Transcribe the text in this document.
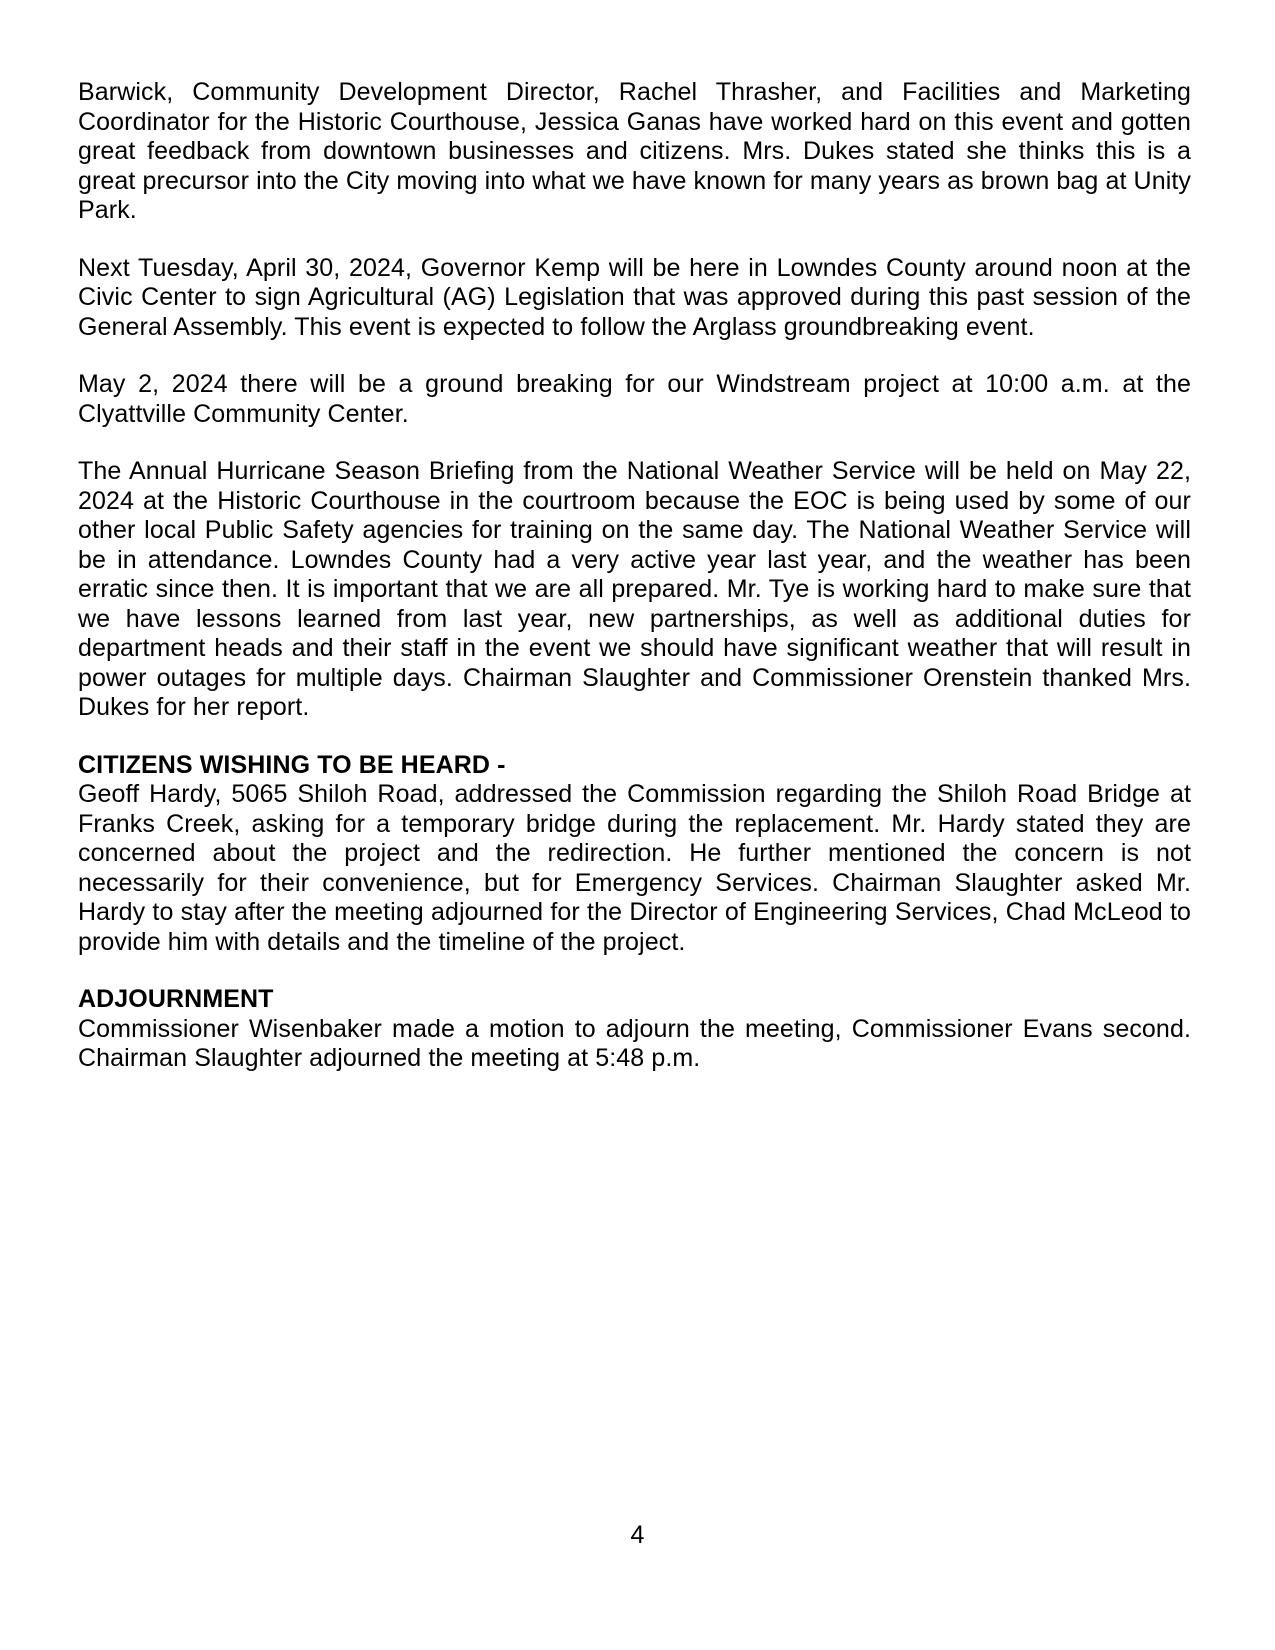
Barwick, Community Development Director, Rachel Thrasher, and Facilities and Marketing Coordinator for the Historic Courthouse, Jessica Ganas have worked hard on this event and gotten great feedback from downtown businesses and citizens. Mrs. Dukes stated she thinks this is a great precursor into the City moving into what we have known for many years as brown bag at Unity Park.

Next Tuesday, April 30, 2024, Governor Kemp will be here in Lowndes County around noon at the Civic Center to sign Agricultural (AG) Legislation that was approved during this past session of the General Assembly. This event is expected to follow the Arglass groundbreaking event.

May 2, 2024 there will be a ground breaking for our Windstream project at 10:00 a.m. at the Clyattville Community Center.

The Annual Hurricane Season Briefing from the National Weather Service will be held on May 22, 2024 at the Historic Courthouse in the courtroom because the EOC is being used by some of our other local Public Safety agencies for training on the same day. The National Weather Service will be in attendance. Lowndes County had a very active year last year, and the weather has been erratic since then. It is important that we are all prepared. Mr. Tye is working hard to make sure that we have lessons learned from last year, new partnerships, as well as additional duties for department heads and their staff in the event we should have significant weather that will result in power outages for multiple days. Chairman Slaughter and Commissioner Orenstein thanked Mrs. Dukes for her report.

CITIZENS WISHING TO BE HEARD -

Geoff Hardy, 5065 Shiloh Road, addressed the Commission regarding the Shiloh Road Bridge at Franks Creek, asking for a temporary bridge during the replacement. Mr. Hardy stated they are concerned about the project and the redirection. He further mentioned the concern is not necessarily for their convenience, but for Emergency Services. Chairman Slaughter asked Mr. Hardy to stay after the meeting adjourned for the Director of Engineering Services, Chad McLeod to provide him with details and the timeline of the project.

ADJOURNMENT

Commissioner Wisenbaker made a motion to adjourn the meeting, Commissioner Evans second. Chairman Slaughter adjourned the meeting at 5:48 p.m.

4
